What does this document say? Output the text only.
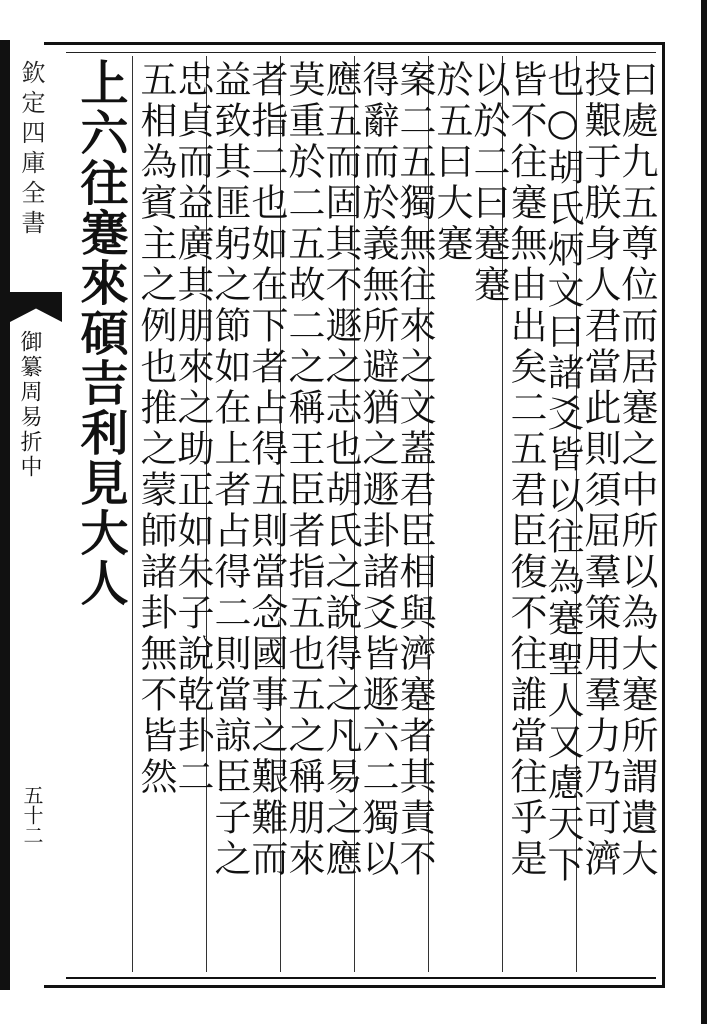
欽定四庫全書
御纂周易折中
五十二	曰處九五尊位而居蹇之中所以為大蹇所謂遺大
投艱于朕身人君當此則須屈羣策用羣力乃可濟
也○胡氏炳文曰諸爻皆以往為蹇聖人又慮天下
皆不往蹇無由出矣二五君臣復不往誰當往乎是
以於二曰蹇蹇
於五曰大蹇
案二五獨無往來之文蓋君臣相與濟蹇者其責不
得辭而於義無所避猶之遯卦諸爻皆遯六二獨以
應五而固其不遯之志也胡氏之說得之凡易之應
莫重於二五故二之稱王臣者指五也五之稱朋來
者指二也如在下者占得五則當念國事之艱難而
益致其匪躬之節如在上者占得二則當諒臣子之
忠貞而益廣其朋來之助正如朱子說乾卦二
五相為賓主之例也推之蒙師諸卦無不皆然
上六往蹇來碩吉利見大人
